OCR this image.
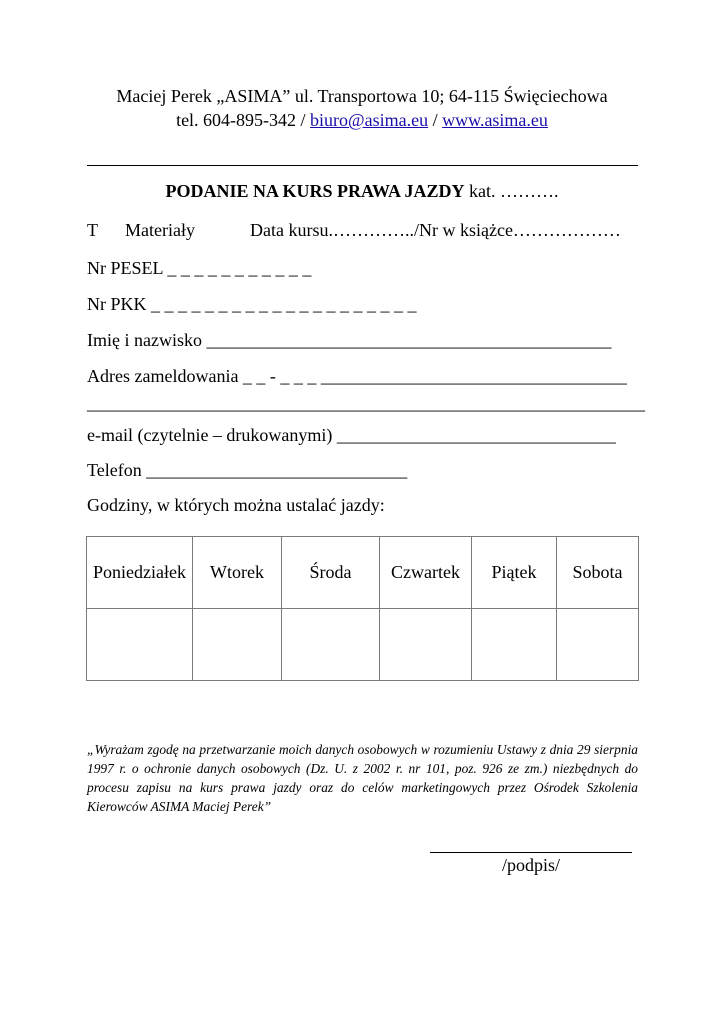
Maciej Perek „ASIMA” ul. Transportowa 10; 64-115 Święciechowa
tel. 604-895-342 / biuro@asima.eu / www.asima.eu
PODANIE NA KURS PRAWA JAZDY kat. ……….
T Materiały	Data kursu.…………../Nr w książce………………
Nr PESEL _ _ _ _ _ _ _ _ _ _ _
Nr PKK _ _ _ _ _ _ _ _ _ _ _ _ _ _ _ _ _ _ _ _
Imię i nazwisko _____________________________________________
Adres zameldowania _ _ - _ _ _ __________________________________
______________________________________________________________
e-mail (czytelnie – drukowanymi) _______________________________
Telefon _____________________________
Godziny, w których można ustalać jazdy:
Poniedziałek	Wtorek	Środa	Czwartek	Piątek	Sobota

„Wyrażam zgodę na przetwarzanie moich danych osobowych w rozumieniu Ustawy z dnia 29 sierpnia 1997 r. o ochronie danych osobowych (Dz. U. z 2002 r. nr 101, poz. 926 ze zm.) niezbędnych do procesu zapisu na kurs prawa jazdy oraz do celów marketingowych przez Ośrodek Szkolenia Kierowców ASIMA Maciej Perek”
/podpis/
